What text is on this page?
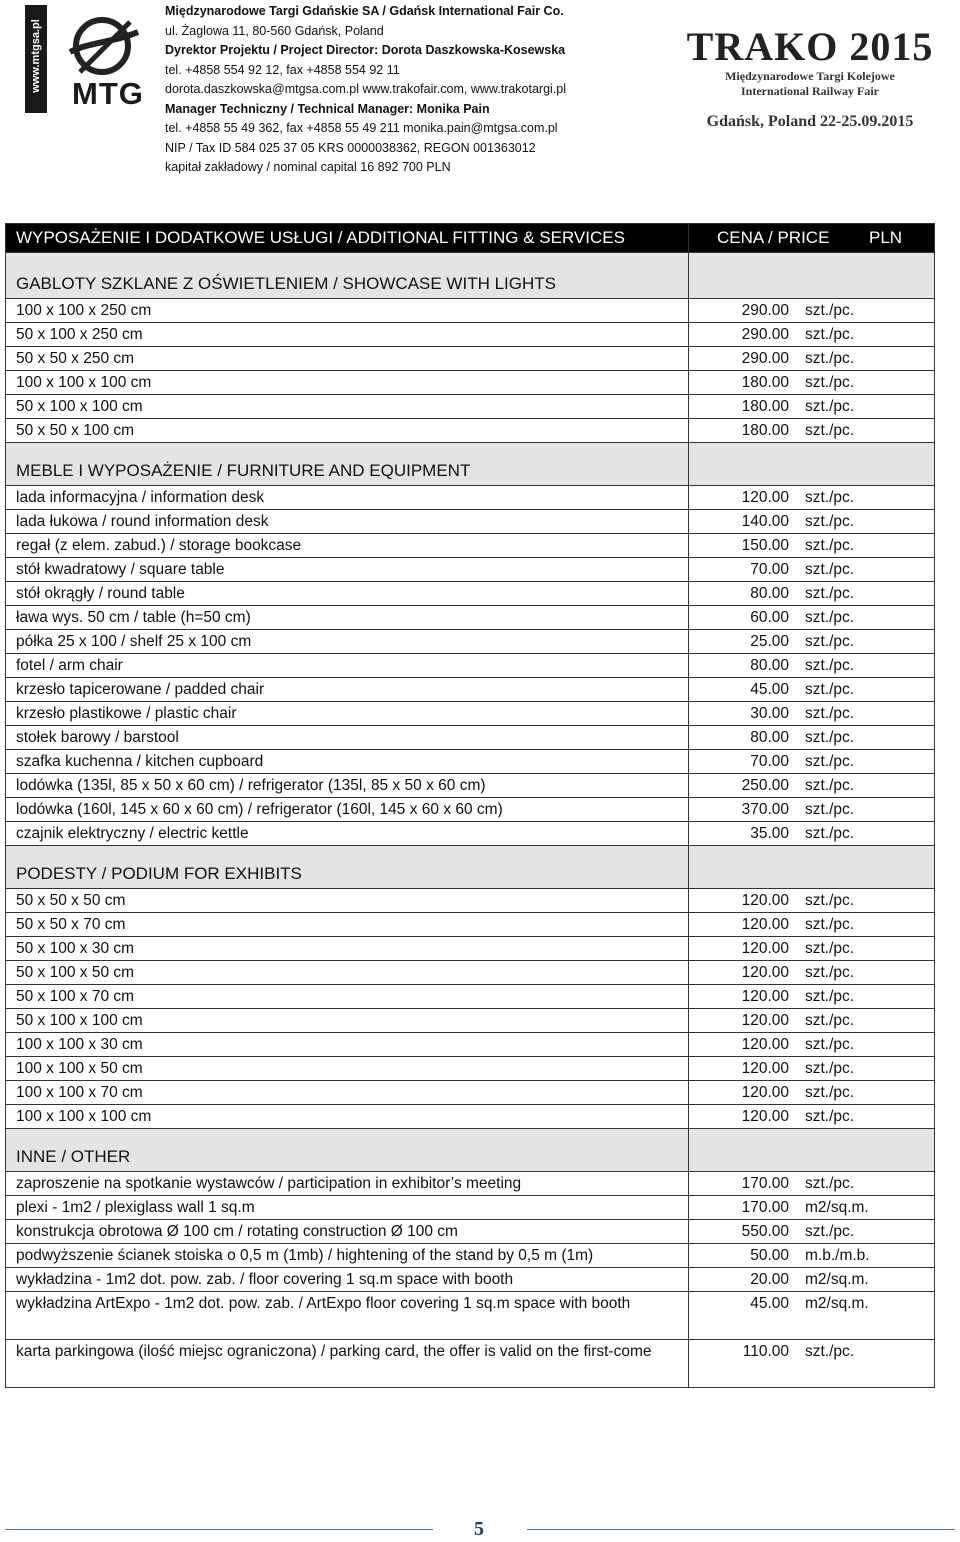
www.mtgsa.pl
MTG
Międzynarodowe Targi Gdańskie SA / Gdańsk International Fair Co.
ul. Żaglowa 11, 80-560 Gdańsk, Poland
Dyrektor Projektu / Project Director: Dorota Daszkowska-Kosewska
tel. +4858 554 92 12, fax +4858 554 92 11
dorota.daszkowska@mtgsa.com.pl www.trakofair.com, www.trakotargi.pl
Manager Techniczny / Technical Manager: Monika Pain
tel. +4858 55 49 362, fax +4858 55 49 211 monika.pain@mtgsa.com.pl
NIP / Tax ID 584 025 37 05 KRS 0000038362, REGON 001363012
kapitał zakładowy / nominal capital 16 892 700 PLN
TRAKO 2015
Międzynarodowe Targi Kolejowe
International Railway Fair
Gdańsk, Poland 22-25.09.2015
WYPOSAŻENIE I DODATKOWE USŁUGI / ADDITIONAL FITTING & SERVICES	CENA / PRICE PLN

GABLOTY SZKLANE Z OŚWIETLENIEM / SHOWCASE WITH LIGHTS	
100 x 100 x 250 cm	290.00 szt./pc.

50 x 100 x 250 cm	290.00 szt./pc.

50 x 50 x 250 cm	290.00 szt./pc.

100 x 100 x 100 cm	180.00 szt./pc.

50 x 100 x 100 cm	180.00 szt./pc.

50 x 50 x 100 cm	180.00 szt./pc.

MEBLE I WYPOSAŻENIE / FURNITURE AND EQUIPMENT	
lada informacyjna / information desk	120.00 szt./pc.

lada łukowa / round information desk	140.00 szt./pc.

regał (z elem. zabud.) / storage bookcase	150.00 szt./pc.

stół kwadratowy / square table	70.00 szt./pc.

stół okrągły / round table	80.00 szt./pc.

ława wys. 50 cm / table (h=50 cm)	60.00 szt./pc.

półka 25 x 100 / shelf 25 x 100 cm	25.00 szt./pc.

fotel / arm chair	80.00 szt./pc.

krzesło tapicerowane / padded chair	45.00 szt./pc.

krzesło plastikowe / plastic chair	30.00 szt./pc.

stołek barowy / barstool	80.00 szt./pc.

szafka kuchenna / kitchen cupboard	70.00 szt./pc.

lodówka (135l, 85 x 50 x 60 cm) / refrigerator (135l, 85 x 50 x 60 cm)	250.00 szt./pc.

lodówka (160l, 145 x 60 x 60 cm) / refrigerator (160l, 145 x 60 x 60 cm)	370.00 szt./pc.

czajnik elektryczny / electric kettle	35.00 szt./pc.

PODESTY / PODIUM FOR EXHIBITS	
50 x 50 x 50 cm	120.00 szt./pc.

50 x 50 x 70 cm	120.00 szt./pc.

50 x 100 x 30 cm	120.00 szt./pc.

50 x 100 x 50 cm	120.00 szt./pc.

50 x 100 x 70 cm	120.00 szt./pc.

50 x 100 x 100 cm	120.00 szt./pc.

100 x 100 x 30 cm	120.00 szt./pc.

100 x 100 x 50 cm	120.00 szt./pc.

100 x 100 x 70 cm	120.00 szt./pc.

100 x 100 x 100 cm	120.00 szt./pc.

INNE / OTHER	
zaproszenie na spotkanie wystawców / participation in exhibitor’s meeting	170.00 szt./pc.

plexi - 1m2 / plexiglass wall 1 sq.m	170.00 m2/sq.m.

konstrukcja obrotowa Ø 100 cm / rotating construction Ø 100 cm	550.00 szt./pc.

podwyższenie ścianek stoiska o 0,5 m (1mb) / hightening of the stand by 0,5 m (1m)	50.00 m.b./m.b.

wykładzina - 1m2 dot. pow. zab. / floor covering 1 sq.m space with booth	20.00 m2/sq.m.

wykładzina ArtExpo - 1m2 dot. pow. zab. / ArtExpo floor covering 1 sq.m space with booth	45.00 m2/sq.m.

karta parkingowa (ilość miejsc ograniczona) / parking card, the offer is valid on the first-come	110.00 szt./pc.
5
